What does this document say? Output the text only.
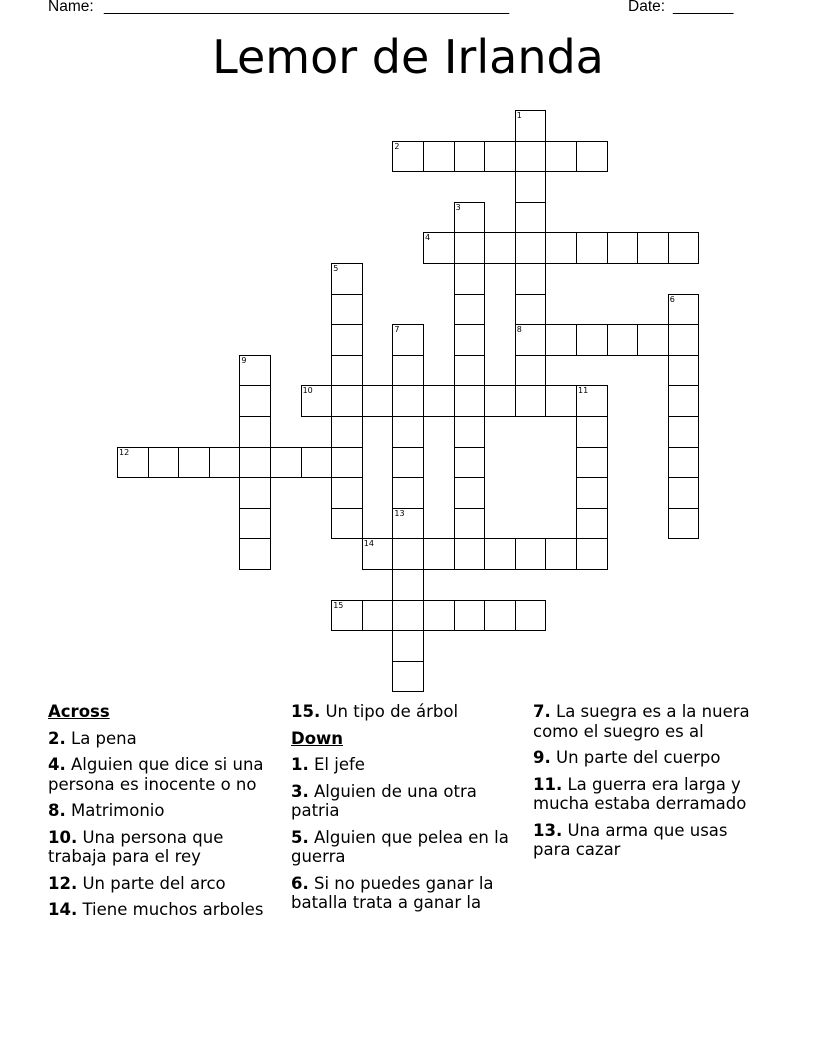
Name: _______________________________________________	Date: _______
Lemor de Irlanda
1
8
2
3
4
5
6
7
9
10	11
12
13
14
15
Across
2. La pena
4. Alguien que dice si una persona es inocente o no
8. Matrimonio
10. Una persona que trabaja para el rey
12. Un parte del arco
14. Tiene muchos arboles
15. Un tipo de árbol
Down
1. El jefe
3. Alguien de una otra patria
5. Alguien que pelea en la guerra
6. Si no puedes ganar la batalla trata a ganar la
7. La suegra es a la nuera como el suegro es al
9. Un parte del cuerpo
11. La guerra era larga y mucha estaba derramado
13. Una arma que usas para cazar
